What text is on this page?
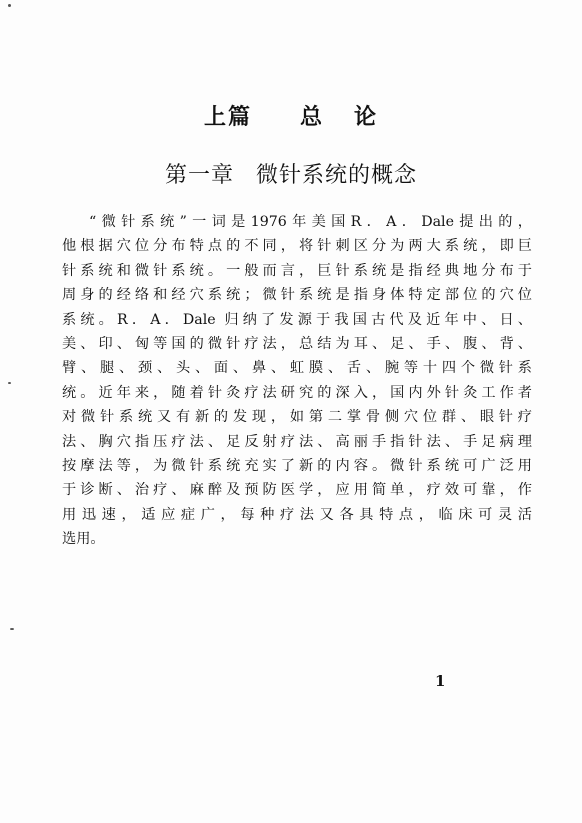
上篇 总 论
第一章 微针系统的概念
“微针系统”一词是1976年美国R．A．Dale提出的，
他根据穴位分布特点的不同，将针刺区分为两大系统，即巨
针系统和微针系统。一般而言，巨针系统是指经典地分布于
周身的经络和经穴系统；微针系统是指身体特定部位的穴位
系统。R．A．Dale 归纳了发源于我国古代及近年中、日、
美、印、匈等国的微针疗法，总结为耳、足、手、腹、背、
臂、腿、颈、头、面、鼻、虹膜、舌、腕等十四个微针系
统。近年来，随着针灸疗法研究的深入，国内外针灸工作者
对微针系统又有新的发现，如第二掌骨侧穴位群、眼针疗
法、胸穴指压疗法、足反射疗法、高丽手指针法、手足病理
按摩法等，为微针系统充实了新的内容。微针系统可广泛用
于诊断、治疗、麻醉及预防医学，应用简单，疗效可靠，作
用迅速，适应症广，每种疗法又各具特点，临床可灵活
选用。
1
